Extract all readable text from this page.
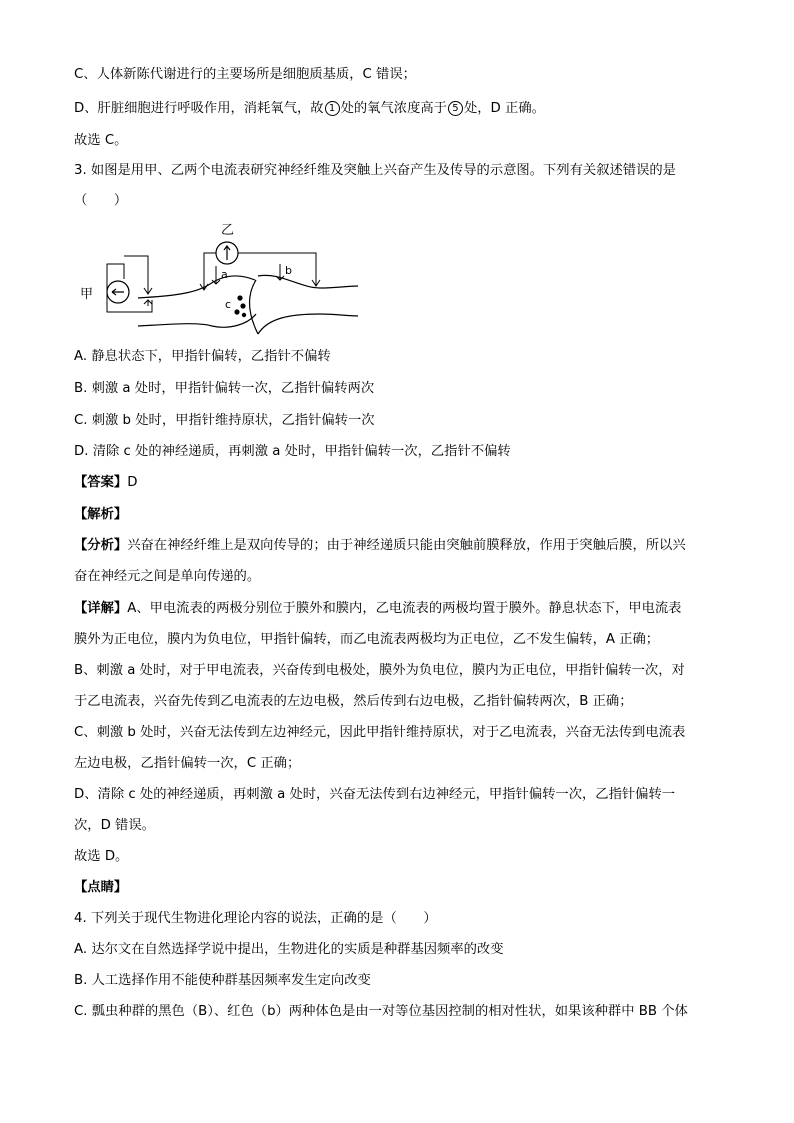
C、人体新陈代谢进行的主要场所是细胞质基质，C 错误；
D、肝脏细胞进行呼吸作用，消耗氧气，故 1 处的氧气浓度高于 5 处，D 正确。
故选 C。
3. 如图是用甲、乙两个电流表研究神经纤维及突触上兴奋产生及传导的示意图。下列有关叙述错误的是
（　　）
甲
c
乙
a	b
A. 静息状态下，甲指针偏转，乙指针不偏转
B. 刺激 a 处时，甲指针偏转一次，乙指针偏转两次
C. 刺激 b 处时，甲指针维持原状，乙指针偏转一次
D. 清除 c 处的神经递质，再刺激 a 处时，甲指针偏转一次，乙指针不偏转
【答案】D
【解析】
【分析】兴奋在神经纤维上是双向传导的；由于神经递质只能由突触前膜释放，作用于突触后膜，所以兴
奋在神经元之间是单向传递的。
【详解】A、甲电流表的两极分别位于膜外和膜内，乙电流表的两极均置于膜外。静息状态下，甲电流表
膜外为正电位，膜内为负电位，甲指针偏转，而乙电流表两极均为正电位，乙不发生偏转，A 正确；
B、刺激 a 处时，对于甲电流表，兴奋传到电极处，膜外为负电位，膜内为正电位，甲指针偏转一次，对
于乙电流表，兴奋先传到乙电流表的左边电极，然后传到右边电极，乙指针偏转两次，B 正确；
C、刺激 b 处时，兴奋无法传到左边神经元，因此甲指针维持原状，对于乙电流表，兴奋无法传到电流表
左边电极，乙指针偏转一次，C 正确；
D、清除 c 处的神经递质，再刺激 a 处时，兴奋无法传到右边神经元，甲指针偏转一次，乙指针偏转一
次，D 错误。
故选 D。
【点睛】
4. 下列关于现代生物进化理论内容的说法，正确的是（　　）
A. 达尔文在自然选择学说中提出，生物进化的实质是种群基因频率的改变
B. 人工选择作用不能使种群基因频率发生定向改变
C. 瓢虫种群的黑色（B）、红色（b）两种体色是由一对等位基因控制的相对性状，如果该种群中 BB 个体
